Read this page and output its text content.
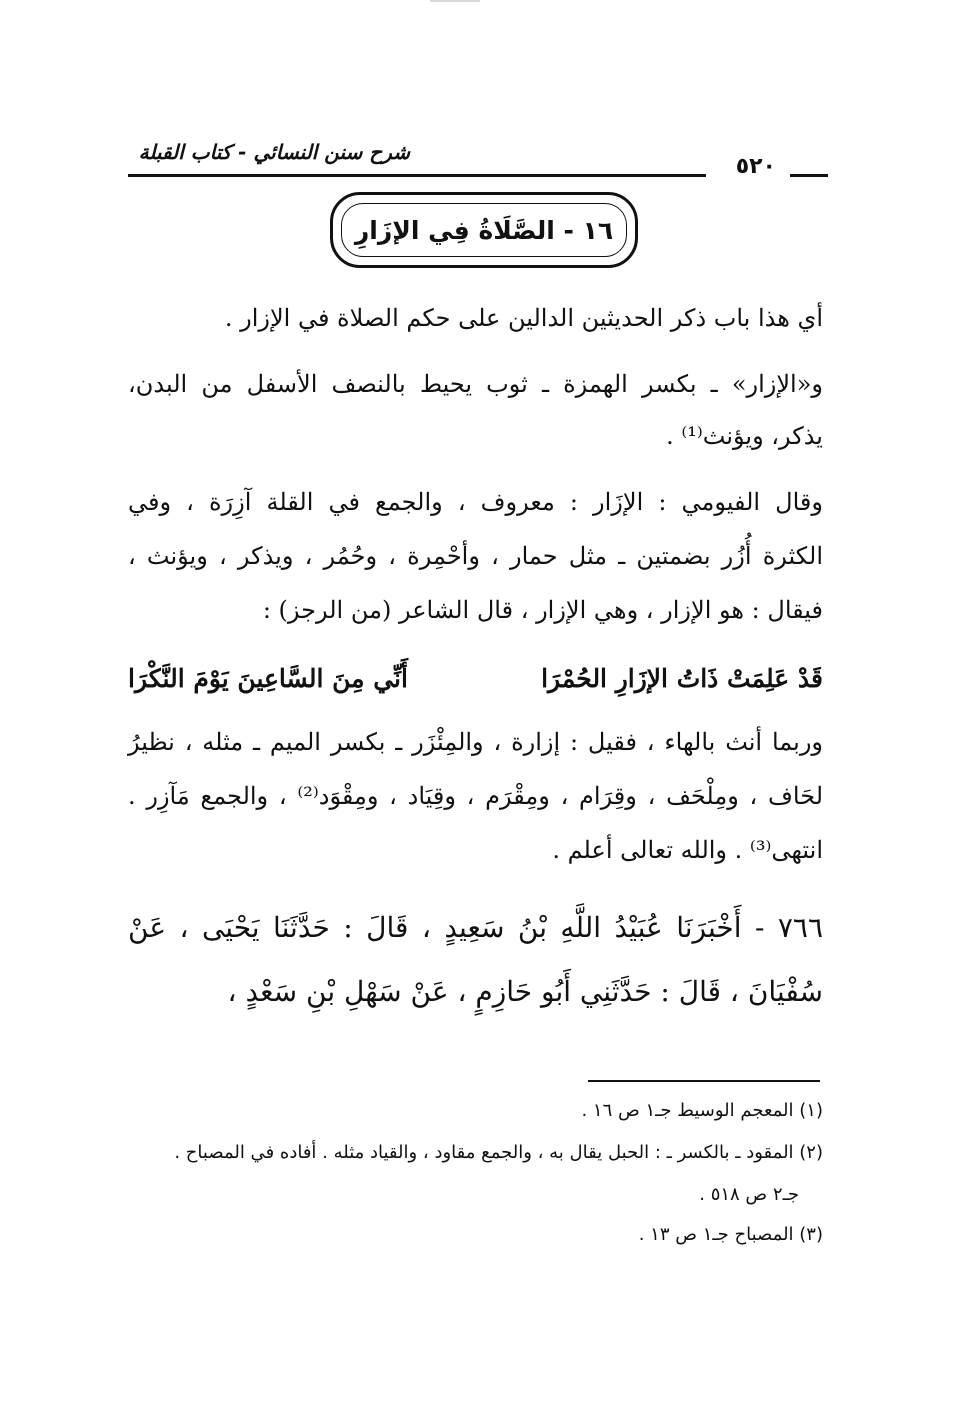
شرح سنن النسائي - كتاب القبلة
٥٢٠
١٦ - الصَّلَاةُ فِي الإزَارِ
أي هذا باب ذكر الحديثين الدالين على حكم الصلاة في الإزار .
و«الإزار» ـ بكسر الهمزة ـ ثوب يحيط بالنصف الأسفل من البدن،
يذكر، ويؤنث⁽¹⁾ .
وقال الفيومي : الإزَار : معروف ، والجمع في القلة آزِرَة ، وفي
الكثرة أُزُر بضمتين ـ مثل حمار ، وأحْمِرة ، وحُمُر ، ويذكر ، ويؤنث ،
فيقال : هو الإزار ، وهي الإزار ، قال الشاعر (من الرجز) :
قَدْ عَلِمَتْ ذَاتُ الإزَارِ الحُمْرَا
أَنِّي مِنَ السَّاعِينَ يَوْمَ النَّكْرَا
وربما أنث بالهاء ، فقيل : إزارة ، والمِئْزَر ـ بكسر الميم ـ مثله ، نظيرُ
لحَاف ، ومِلْحَف ، وقِرَام ، ومِقْرَم ، وقِيَاد ، ومِقْوَد⁽²⁾ ، والجمع مَآزِر .
انتهى⁽³⁾ . والله تعالى أعلم .
٧٦٦ - أَخْبَرَنَا عُبَيْدُ اللَّهِ بْنُ سَعِيدٍ ، قَالَ : حَدَّثَنَا يَحْيَى ، عَنْ
سُفْيَانَ ، قَالَ : حَدَّثَنِي أَبُو حَازِمٍ ، عَنْ سَهْلِ بْنِ سَعْدٍ ،
(١) المعجم الوسيط جـ١ ص ١٦ .
(٢) المقود ـ بالكسر ـ : الحبل يقال به ، والجمع مقاود ، والقياد مثله . أفاده في المصباح .
جـ٢ ص ٥١٨ .
(٣) المصباح جـ١ ص ١٣ .
